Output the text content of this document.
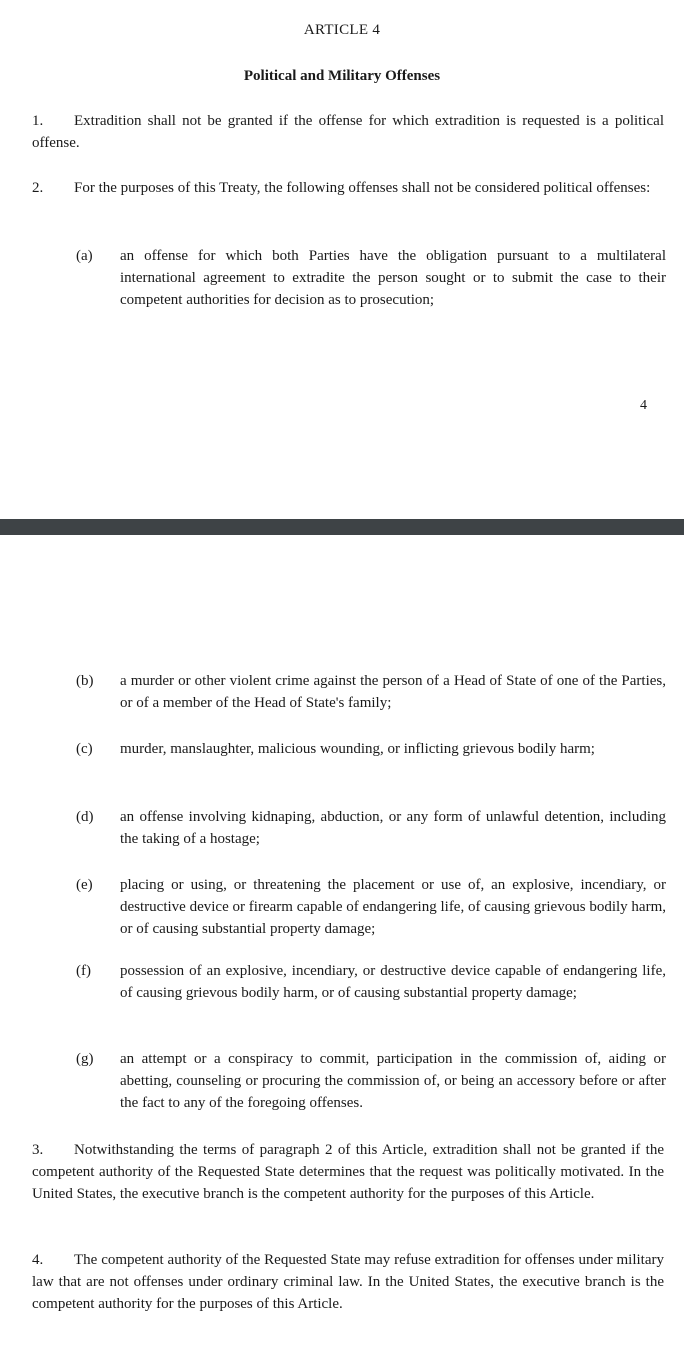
ARTICLE 4
Political and Military Offenses
1. Extradition shall not be granted if the offense for which extradition is requested is a political offense.
2. For the purposes of this Treaty, the following offenses shall not be considered political offenses:
(a)	an offense for which both Parties have the obligation pursuant to a multilateral international agreement to extradite the person sought or to submit the case to their competent authorities for decision as to prosecution;
4
(b)	a murder or other violent crime against the person of a Head of State of one of the Parties, or of a member of the Head of State's family;
(c)	murder, manslaughter, malicious wounding, or inflicting grievous bodily harm;
(d)	an offense involving kidnaping, abduction, or any form of unlawful detention, including the taking of a hostage;
(e)	placing or using, or threatening the placement or use of, an explosive, incendiary, or destructive device or firearm capable of endangering life, of causing grievous bodily harm, or of causing substantial property damage;
(f)	possession of an explosive, incendiary, or destructive device capable of endangering life, of causing grievous bodily harm, or of causing substantial property damage;
(g)	an attempt or a conspiracy to commit, participation in the commission of, aiding or abetting, counseling or procuring the commission of, or being an accessory before or after the fact to any of the foregoing offenses.
3. Notwithstanding the terms of paragraph 2 of this Article, extradition shall not be granted if the competent authority of the Requested State determines that the request was politically motivated. In the United States, the executive branch is the competent authority for the purposes of this Article.
4. The competent authority of the Requested State may refuse extradition for offenses under military law that are not offenses under ordinary criminal law. In the United States, the executive branch is the competent authority for the purposes of this Article.
